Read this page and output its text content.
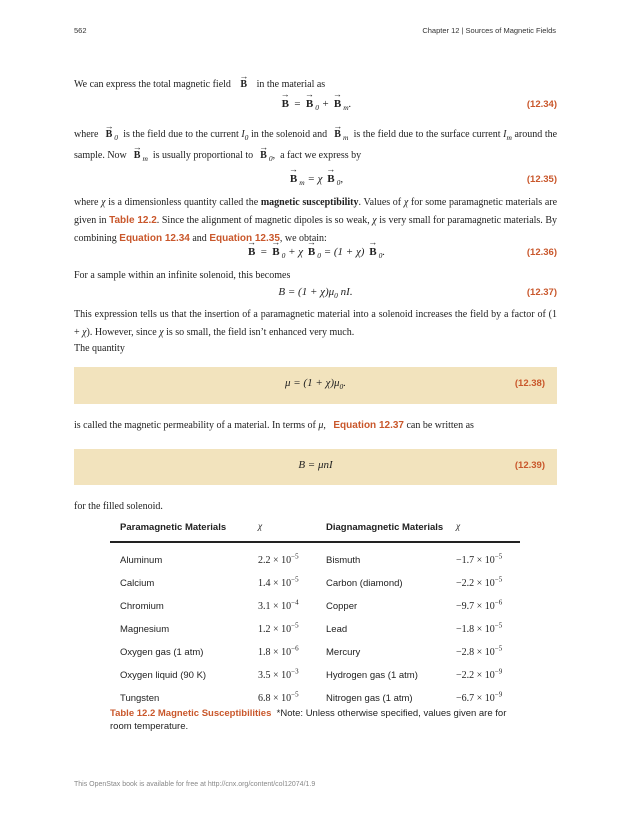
562	Chapter 12 | Sources of Magnetic Fields
We can express the total magnetic field → B in the material as
→ B = → B $_0$ + → B $_m$.	(12.34)
where → B $_0$ is the field due to the current $I_0$ in the solenoid and → B $_m$ is the field due to the surface current $I_m$ around the sample. Now → B $_m$ is usually proportional to → B $_0$,  a fact we express by
→ B $_m$ = χ → B $_0$,	(12.35)
where χ is a dimensionless quantity called the magnetic susceptibility. Values of χ for some paramagnetic materials are given in Table 12.2. Since the alignment of magnetic dipoles is so weak, χ is very small for paramagnetic materials. By combining Equation 12.34 and Equation 12.35, we obtain:
→ B = → B $_0$ + χ → B $_0$ = (1 + χ) → B $_0$.	(12.36)
For a sample within an infinite solenoid, this becomes
$B = (1 + \chi)\mu_0$ nI.	(12.37)
This expression tells us that the insertion of a paramagnetic material into a solenoid increases the field by a factor of (1 + χ). However, since χ is so small, the field isn’t enhanced very much.
The quantity
$\mu = (1 + \chi)\mu_0$.	(12.38)
is called the magnetic permeability of a material. In terms of μ,   Equation 12.37 can be written as
B = μnI	(12.39)
for the filled solenoid.
Paramagnetic Materials	χ	Diagnamagnetic Materials	χ
Aluminum	$2.2 \times 10^{-5}$	Bismuth	$-1.7 \times 10^{-5}$
Calcium	$1.4 \times 10^{-5}$	Carbon (diamond)	$-2.2 \times 10^{-5}$
Chromium	$3.1 \times 10^{-4}$	Copper	$-9.7 \times 10^{-6}$
Magnesium	$1.2 \times 10^{-5}$	Lead	$-1.8 \times 10^{-5}$
Oxygen gas (1 atm)	$1.8 \times 10^{-6}$	Mercury	$-2.8 \times 10^{-5}$
Oxygen liquid (90 K)	$3.5 \times 10^{-3}$	Hydrogen gas (1 atm)	$-2.2 \times 10^{-9}$
Tungsten	$6.8 \times 10^{-5}$	Nitrogen gas (1 atm)	$-6.7 \times 10^{-9}$
Table 12.2 Magnetic Susceptibilities *Note: Unless otherwise specified, values given are for room temperature.
This OpenStax book is available for free at http://cnx.org/content/col12074/1.9
